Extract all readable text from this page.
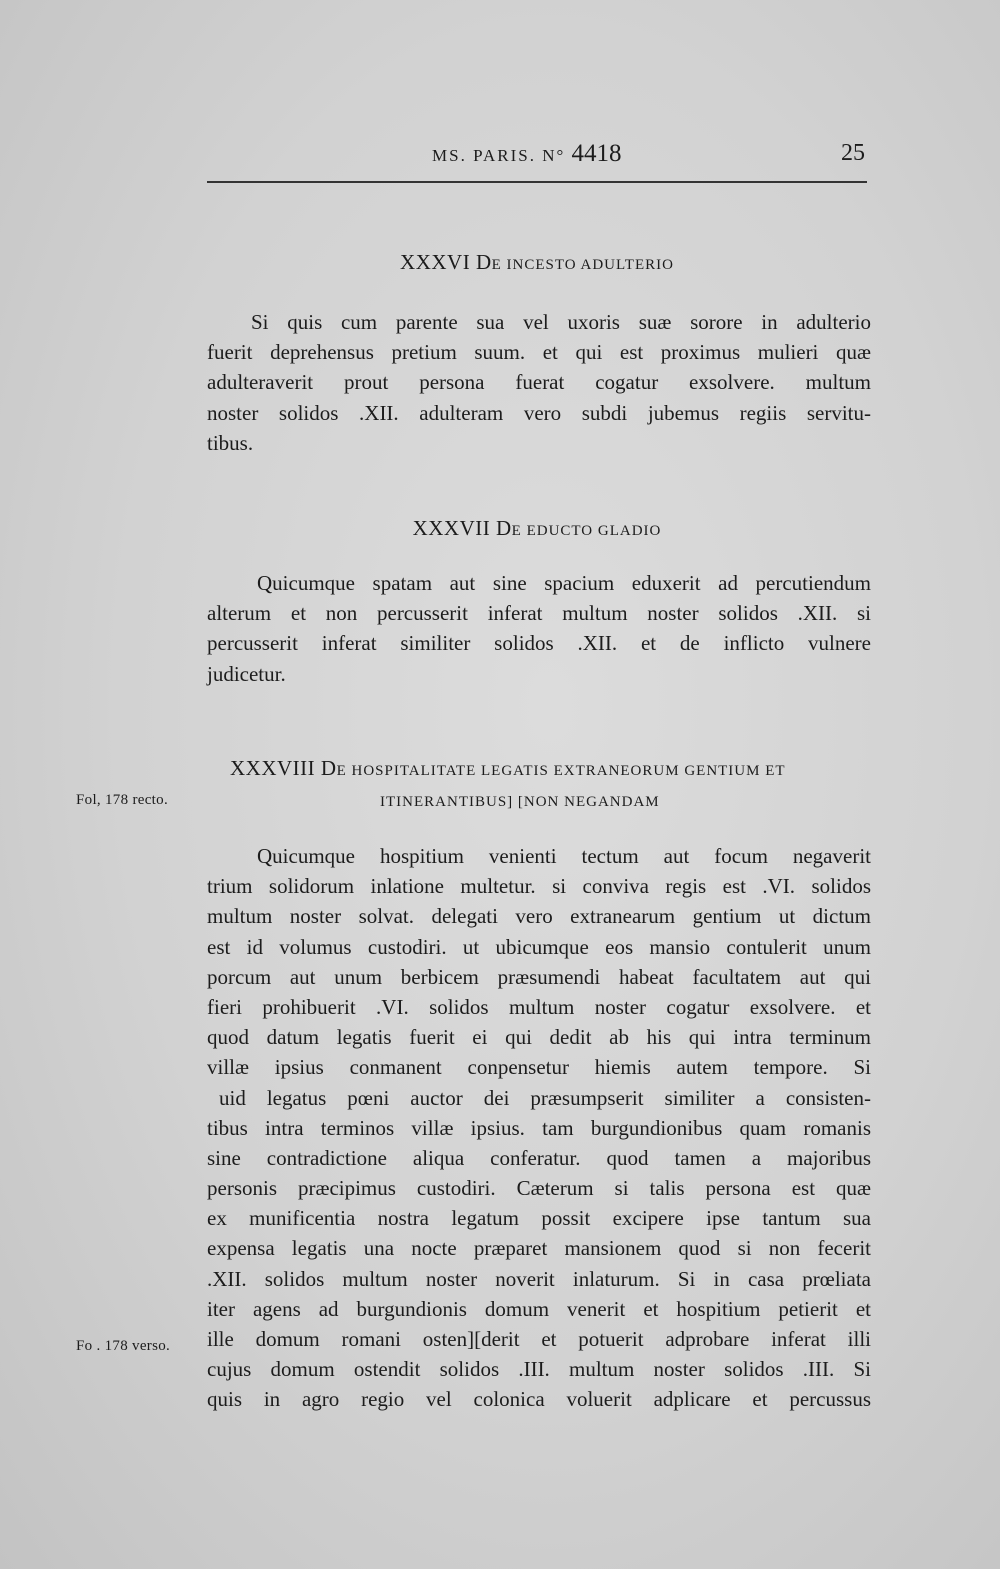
MS. PARIS. N° 4418	25
XXXVI DE INCESTO ADULTERIO
Si quis cum parente sua vel uxoris suæ sorore in adulterio
fuerit deprehensus pretium suum. et qui est proximus mulieri quæ
adulteraverit prout persona fuerat cogatur exsolvere. multum
noster solidos .XII. adulteram vero subdi jubemus regiis servitu-
tibus.
XXXVII DE EDUCTO GLADIO
Quicumque spatam aut sine spacium eduxerit ad percutiendum
alterum et non percusserit inferat multum noster solidos .XII. si
percusserit inferat similiter solidos .XII. et de inflicto vulnere
judicetur.
XXXVIII DE HOSPITALITATE LEGATIS EXTRANEORUM GENTIUM ET
ITINERANTIBUS] [NON NEGANDAM
Fol, 178 recto.
Quicumque hospitium venienti tectum aut focum negaverit
trium solidorum inlatione multetur. si conviva regis est .VI. solidos
multum noster solvat. delegati vero extranearum gentium ut dictum
est id volumus custodiri. ut ubicumque eos mansio contulerit unum
porcum aut unum berbicem præsumendi habeat facultatem aut qui
fieri prohibuerit .VI. solidos multum noster cogatur exsolvere. et
quod datum legatis fuerit ei qui dedit ab his qui intra terminum
villæ ipsius conmanent conpensetur hiemis autem tempore. Si
uid legatus pœni auctor dei præsumpserit similiter a consisten-
tibus intra terminos villæ ipsius. tam burgundionibus quam romanis
sine contradictione aliqua conferatur. quod tamen a majoribus
personis præcipimus custodiri. Cæterum si talis persona est quæ
ex munificentia nostra legatum possit excipere ipse tantum sua
expensa legatis una nocte præparet mansionem quod si non fecerit
.XII. solidos multum noster noverit inlaturum. Si in casa prœliata
iter agens ad burgundionis domum venerit et hospitium petierit et
ille domum romani osten][derit et potuerit adprobare inferat illi
cujus domum ostendit solidos .III. multum noster solidos .III. Si
quis in agro regio vel colonica voluerit adplicare et percussus
Fo . 178 verso.
